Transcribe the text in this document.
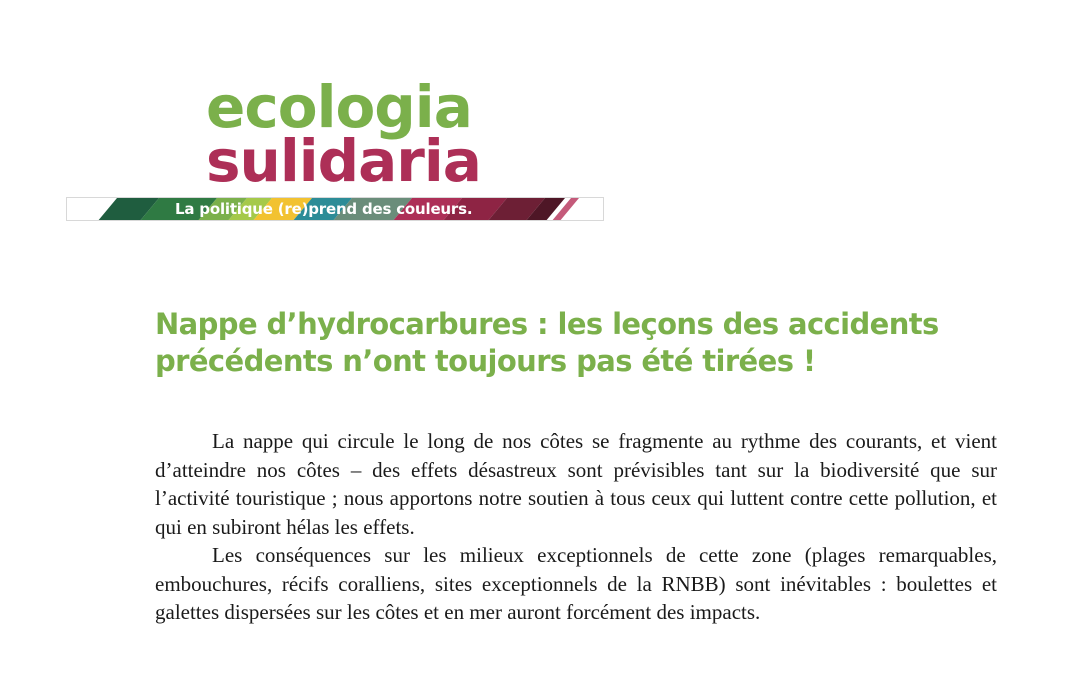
ecologia
sulidaria
La politique (re)prend des couleurs.
Nappe d’hydrocarbures : les leçons des accidents précédents n’ont toujours pas été tirées !

La nappe qui circule le long de nos côtes se fragmente au rythme des courants, et vient d’atteindre nos côtes – des effets désastreux sont prévisibles tant sur la biodiversité que sur l’activité touristique ; nous apportons notre soutien à tous ceux qui luttent contre cette pollution, et qui en subiront hélas les effets.

Les conséquences sur les milieux exceptionnels de cette zone (plages remarquables, embouchures, récifs coralliens, sites exceptionnels de la RNBB) sont inévitables : boulettes et galettes dispersées sur les côtes et en mer auront forcément des impacts.
